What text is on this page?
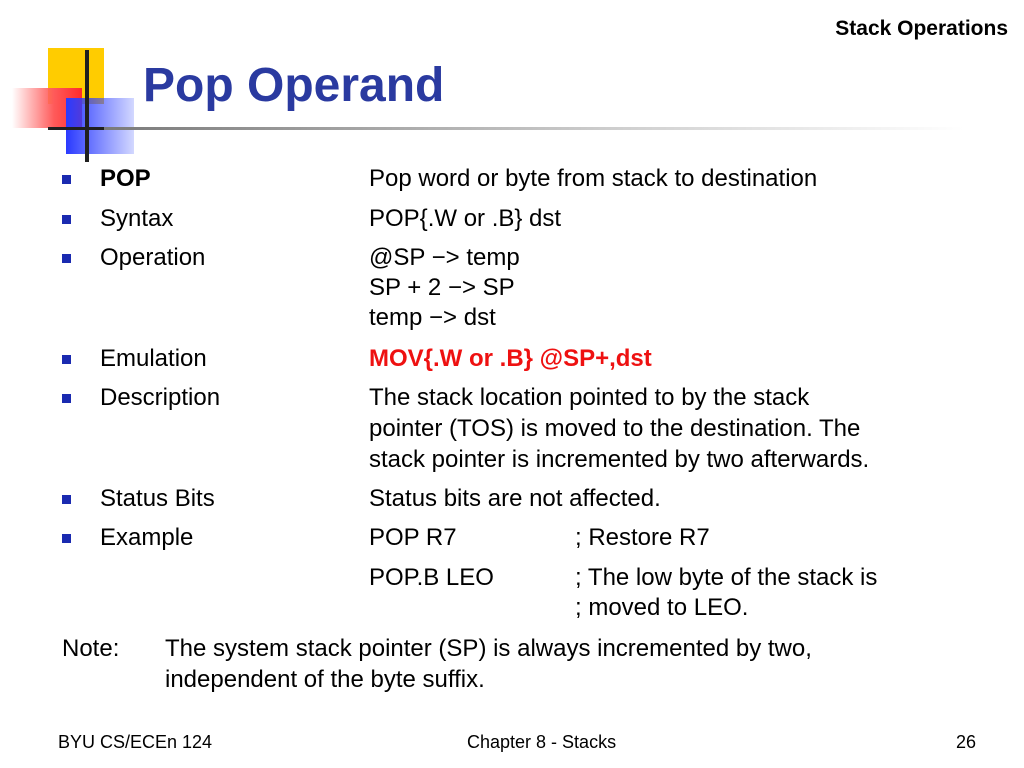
Stack Operations
Pop Operand
POP	Pop word or byte from stack to destination
Syntax	POP{.W or .B} dst
Operation	@SP −> temp
SP + 2 −> SP
temp −> dst
Emulation	MOV{.W or .B} @SP+,dst
Description	The stack location pointed to by the stack
pointer (TOS) is moved to the destination. The
stack pointer is incremented by two afterwards.
Status Bits	Status bits are not affected.
Example	POP R7	; Restore R7
POP.B LEO	; The low byte of the stack is
; moved to LEO.
Note: The system stack pointer (SP) is always incremented by two,
independent of the byte suffix.
BYU CS/ECEn 124	Chapter 8 - Stacks	26
